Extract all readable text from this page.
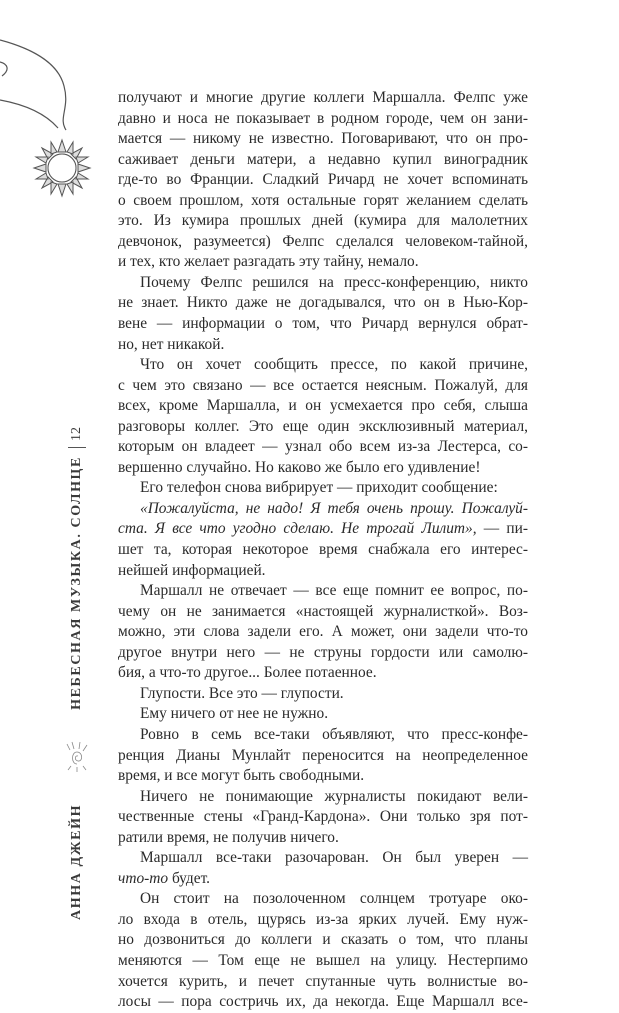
АННА ДЖЕЙН
НЕБЕСНАЯ МУЗЫКА. СОЛНЦЕ
12
получают и многие другие коллеги Маршалла. Фелпс уже
давно и носа не показывает в родном городе, чем он зани-
мается — никому не известно. Поговаривают, что он про-
саживает деньги матери, а недавно купил виноградник
где-то во Франции. Сладкий Ричард не хочет вспоминать
о своем прошлом, хотя остальные горят желанием сделать
это. Из кумира прошлых дней (кумира для малолетних
девчонок, разумеется) Фелпс сделался человеком-тайной,
и тех, кто желает разгадать эту тайну, немало.
Почему Фелпс решился на пресс-конференцию, никто
не знает. Никто даже не догадывался, что он в Нью-Кор-
вене — информации о том, что Ричард вернулся обрат-
но, нет никакой.
Что он хочет сообщить прессе, по какой причине,
с чем это связано — все остается неясным. Пожалуй, для
всех, кроме Маршалла, и он усмехается про себя, слыша
разговоры коллег. Это еще один эксклюзивный материал,
которым он владеет — узнал обо всем из-за Лестерса, со-
вершенно случайно. Но каково же было его удивление!
Его телефон снова вибрирует — приходит сообщение:
«Пожалуйста, не надо! Я тебя очень прошу. Пожалуй-
ста. Я все что угодно сделаю. Не трогай Лилит», — пи-
шет та, которая некоторое время снабжала его интерес-
нейшей информацией.
Маршалл не отвечает — все еще помнит ее вопрос, по-
чему он не занимается «настоящей журналисткой». Воз-
можно, эти слова задели его. А может, они задели что-то
другое внутри него — не струны гордости или самолю-
бия, а что-то другое... Более потаенное.
Глупости. Все это — глупости.
Ему ничего от нее не нужно.
Ровно в семь все-таки объявляют, что пресс-конфе-
ренция Дианы Мунлайт переносится на неопределенное
время, и все могут быть свободными.
Ничего не понимающие журналисты покидают вели-
чественные стены «Гранд-Кардона». Они только зря пот-
ратили время, не получив ничего.
Маршалл все-таки разочарован. Он был уверен —
что-то будет.
Он стоит на позолоченном солнцем тротуаре око-
ло входа в отель, щурясь из-за ярких лучей. Ему нуж-
но дозвониться до коллеги и сказать о том, что планы
меняются — Том еще не вышел на улицу. Нестерпимо
хочется курить, и печет спутанные чуть волнистые во-
лосы — пора состричь их, да некогда. Еще Маршалл все-
